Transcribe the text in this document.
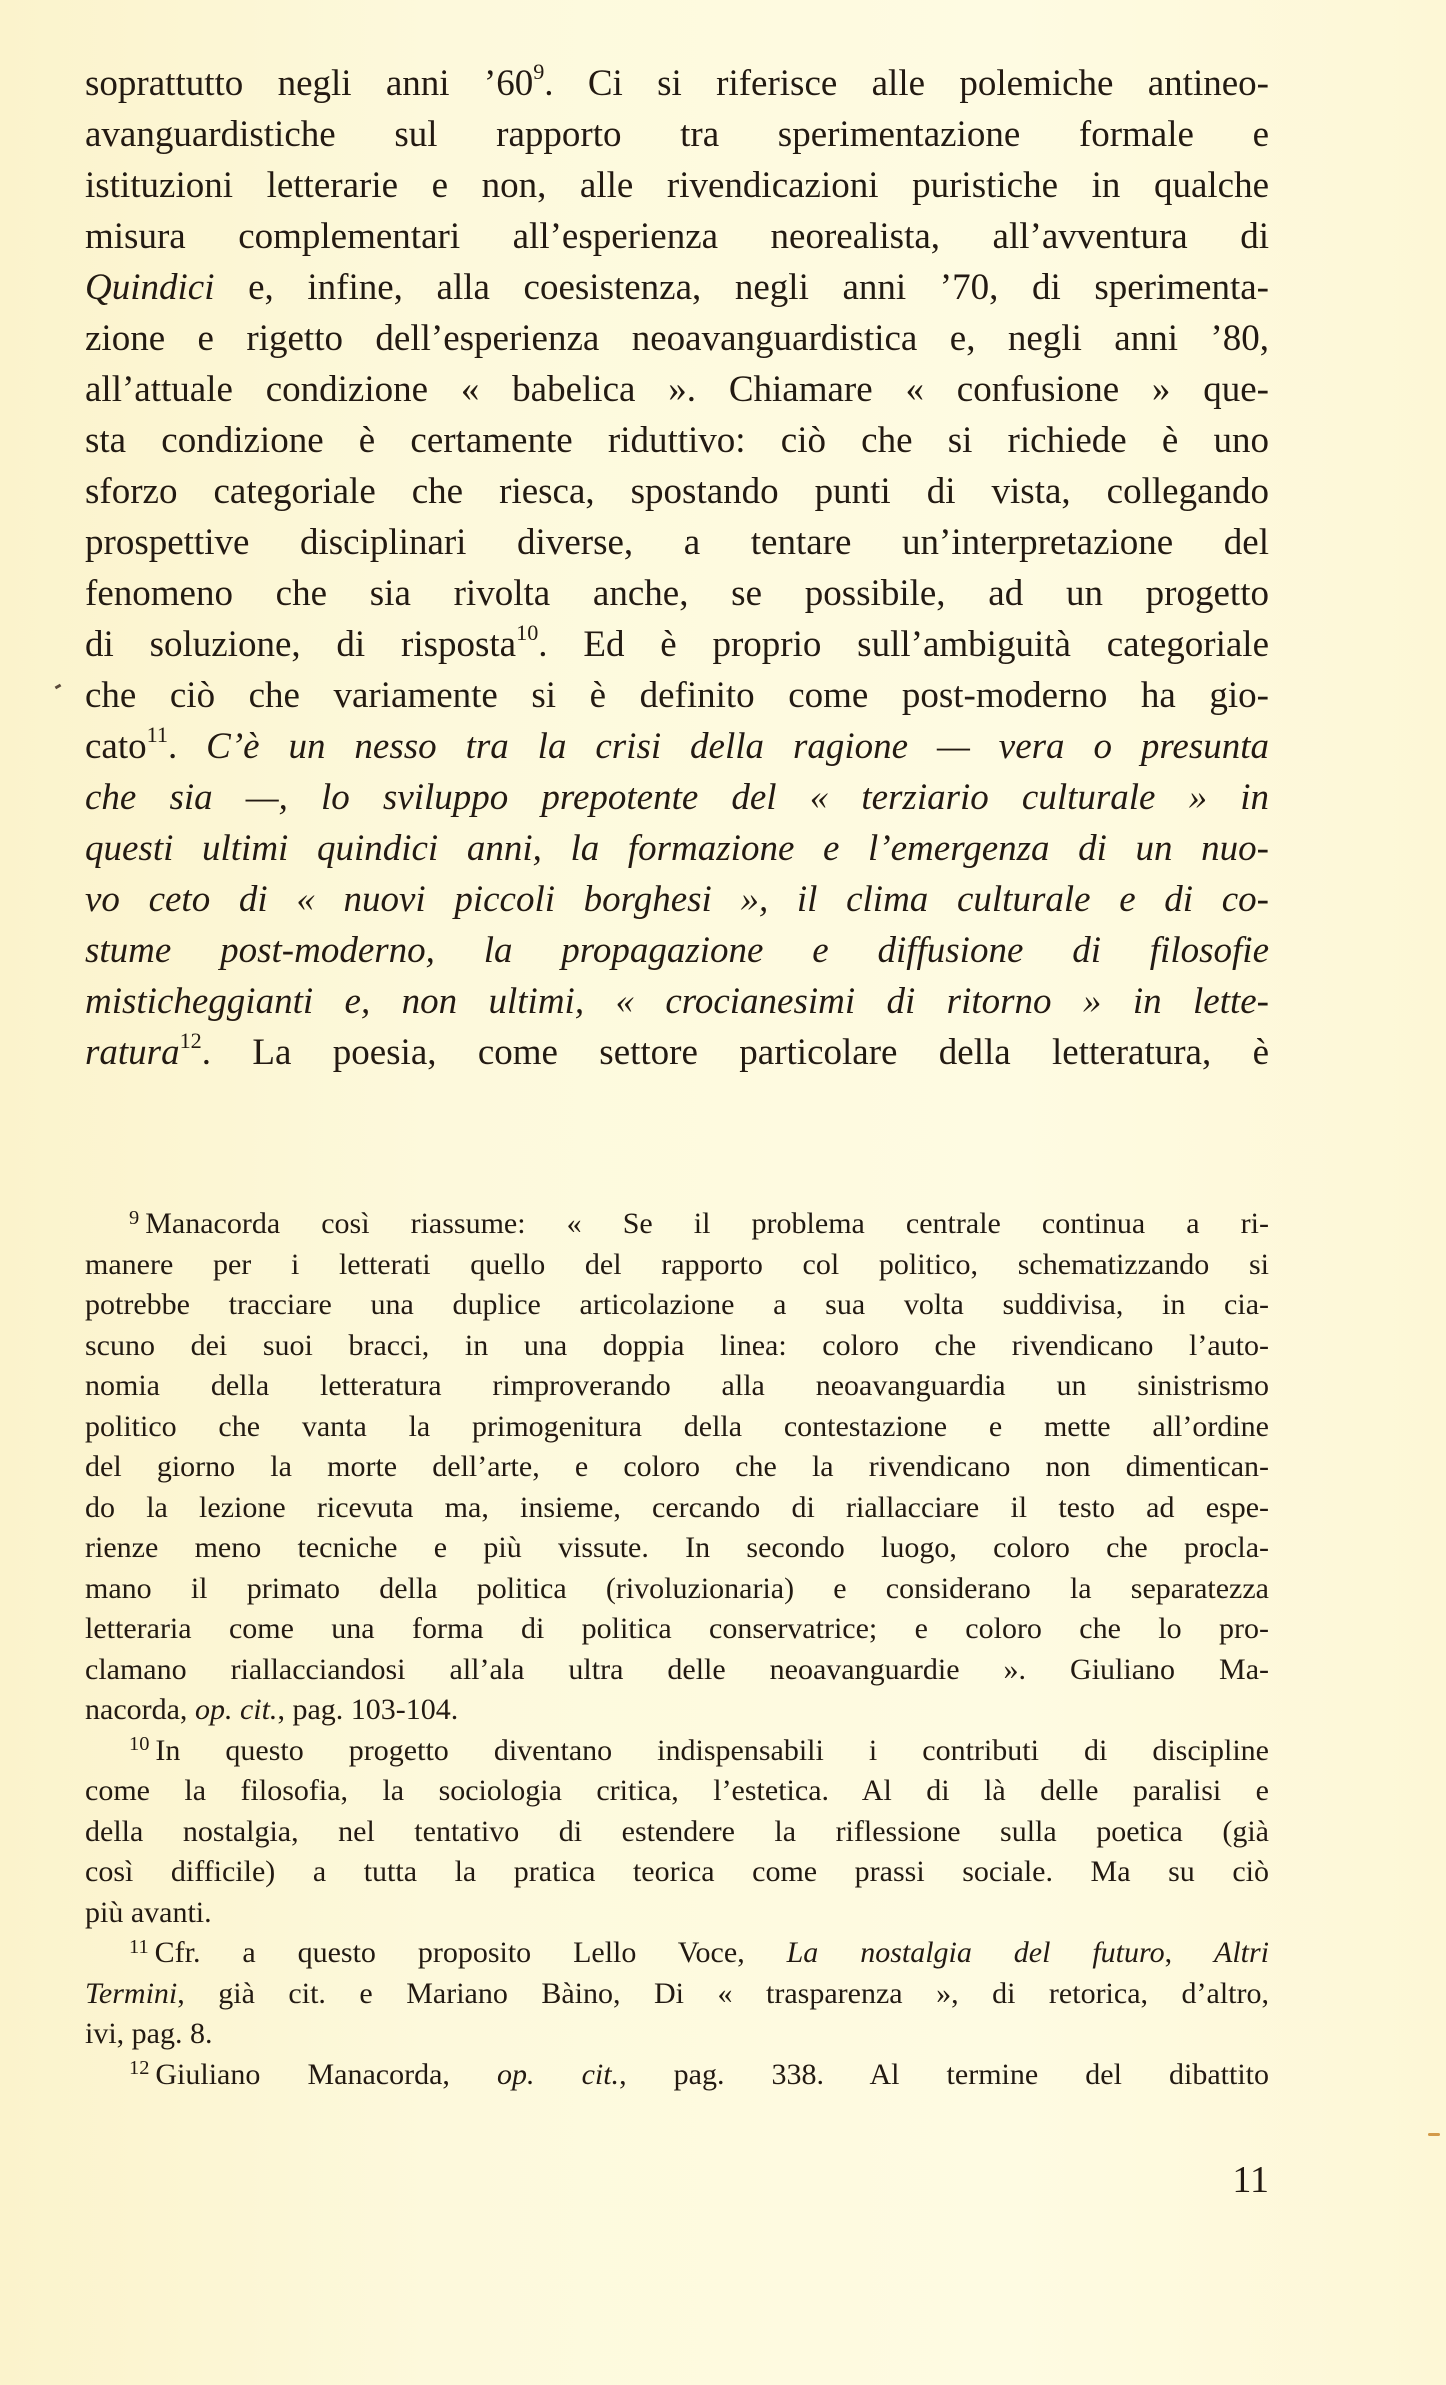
soprattutto negli anni $’60^9$. Ci si riferisce alle polemiche antineo-
avanguardistiche sul rapporto tra sperimentazione formale e
istituzioni letterarie e non, alle rivendicazioni puristiche in qualche
misura complementari all’esperienza neorealista, all’avventura di
Quindici e, infine, alla coesistenza, negli anni ’70, di sperimenta-
zione e rigetto dell’esperienza neoavanguardistica e, negli anni ’80,
all’attuale condizione « babelica ». Chiamare « confusione » que-
sta condizione è certamente riduttivo: ciò che si richiede è uno
sforzo categoriale che riesca, spostando punti di vista, collegando
prospettive disciplinari diverse, a tentare un’interpretazione del
fenomeno che sia rivolta anche, se possibile, ad un progetto
di soluzione, di risposta$^{10}$. Ed è proprio sull’ambiguità categoriale
che ciò che variamente si è definito come post-moderno ha gio-
cato$^{11}$. C’è un nesso tra la crisi della ragione — vera o presunta
che sia —, lo sviluppo prepotente del « terziario culturale » in
questi ultimi quindici anni, la formazione e l’emergenza di un nuo-
vo ceto di « nuovi piccoli borghesi », il clima culturale e di co-
stume post-moderno, la propagazione e diffusione di filosofie
misticheggianti e, non ultimi, « crocianesimi di ritorno » in lette-
ratura$^{12}$. La poesia, come settore particolare della letteratura, è
$^9$ Manacorda così riassume: « Se il problema centrale continua a ri-
manere per i letterati quello del rapporto col politico, schematizzando si
potrebbe tracciare una duplice articolazione a sua volta suddivisa, in cia-
scuno dei suoi bracci, in una doppia linea: coloro che rivendicano l’auto-
nomia della letteratura rimproverando alla neoavanguardia un sinistrismo
politico che vanta la primogenitura della contestazione e mette all’ordine
del giorno la morte dell’arte, e coloro che la rivendicano non dimentican-
do la lezione ricevuta ma, insieme, cercando di riallacciare il testo ad espe-
rienze meno tecniche e più vissute. In secondo luogo, coloro che procla-
mano il primato della politica (rivoluzionaria) e considerano la separatezza
letteraria come una forma di politica conservatrice; e coloro che lo pro-
clamano riallacciandosi all’ala ultra delle neoavanguardie ». Giuliano Ma-
nacorda, op. cit., pag. 103-104.
$^{10}$ In questo progetto diventano indispensabili i contributi di discipline
come la filosofia, la sociologia critica, l’estetica. Al di là delle paralisi e
della nostalgia, nel tentativo di estendere la riflessione sulla poetica (già
così difficile) a tutta la pratica teorica come prassi sociale. Ma su ciò
più avanti.
$^{11}$ Cfr. a questo proposito Lello Voce, La nostalgia del futuro, Altri
Termini, già cit. e Mariano Bàino, Di « trasparenza », di retorica, d’altro,
ivi, pag. 8.
$^{12}$ Giuliano Manacorda, op. cit., pag. 338. Al termine del dibattito
11
